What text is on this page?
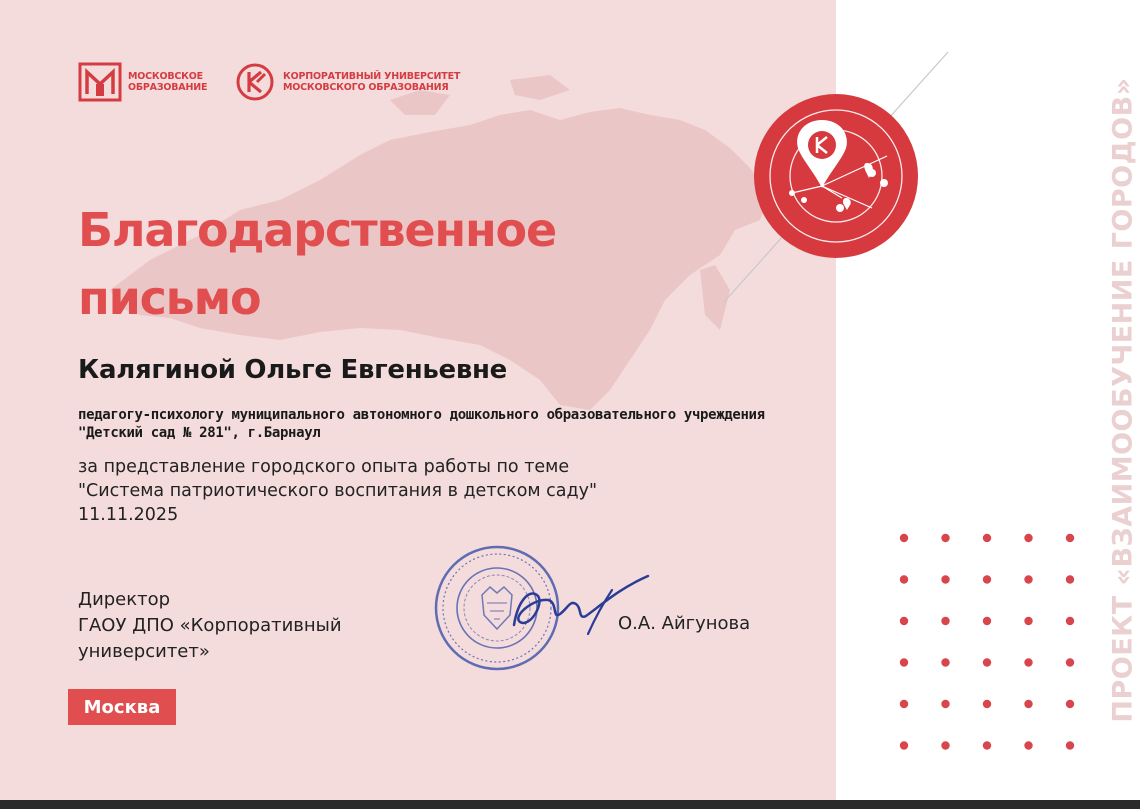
МОСКОВСКОЕ
ОБРАЗОВАНИЕ
КОРПОРАТИВНЫЙ УНИВЕРСИТЕТ
МОСКОВСКОГО ОБРАЗОВАНИЯ
Благодарственное
письмо
Калягиной Ольге Евгеньевне
педагогу-психологу муниципального автономного дошкольного образовательного учреждения
"Детский сад № 281", г.Барнаул
за представление городского опыта работы по теме
"Система патриотического воспитания в детском саду"
11.11.2025
Директор
ГАОУ ДПО «Корпоративный
университет»
О.А. Айгунова
Москва	ПРОЕКТ «ВЗАИМООБУЧЕНИЕ ГОРОДОВ»
